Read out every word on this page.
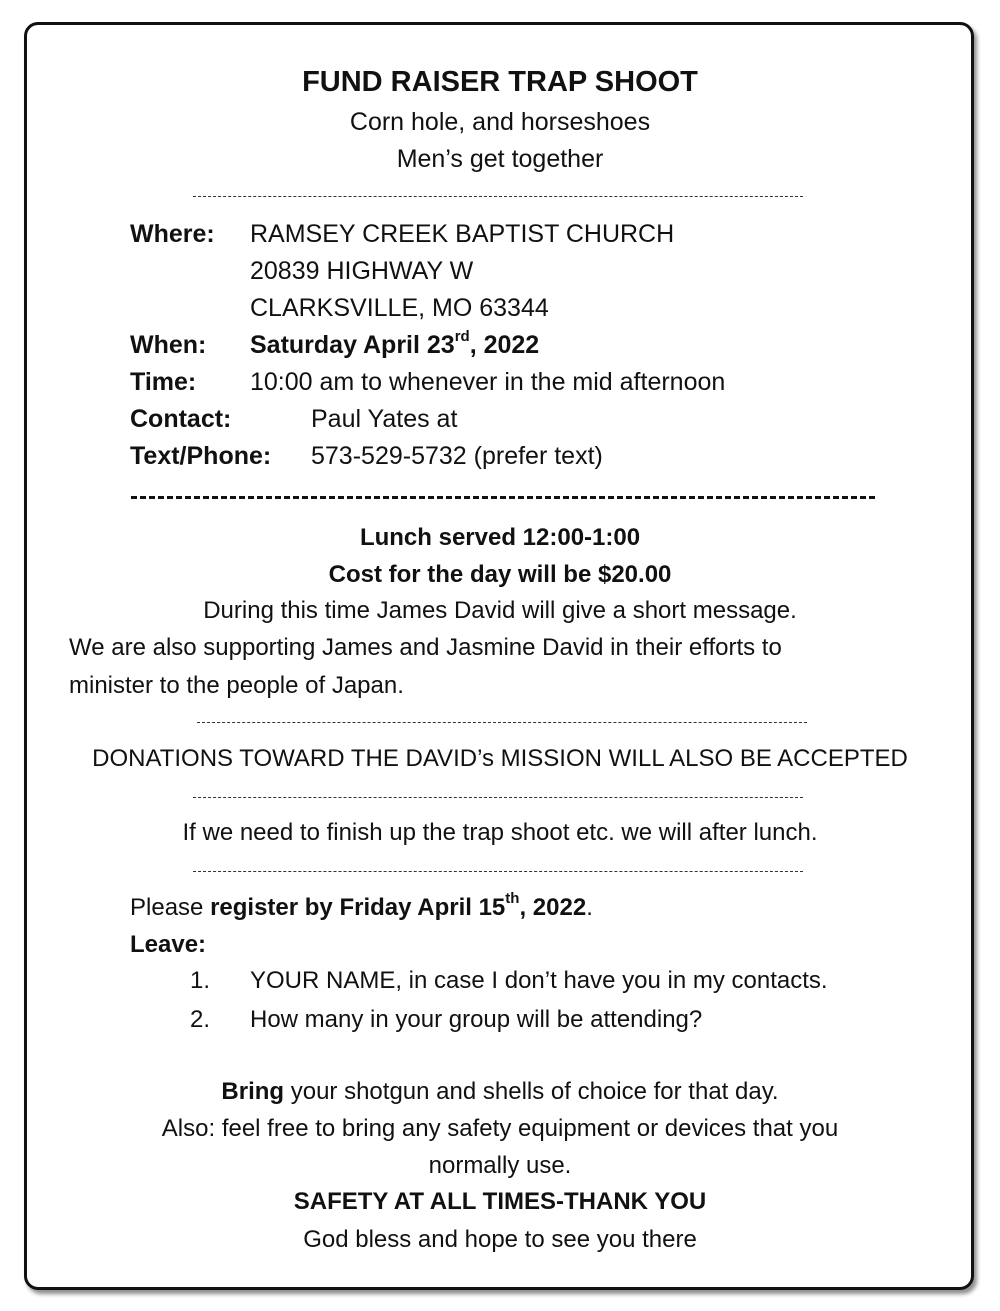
FUND RAISER TRAP SHOOT
Corn hole, and horseshoes
Men’s get together
Where: RAMSEY CREEK BAPTIST CHURCH
20839 HIGHWAY W
CLARKSVILLE, MO 63344
When: Saturday April 23rd, 2022
Time: 10:00 am to whenever in the mid afternoon
Contact:	Paul Yates at
Text/Phone: 573-529-5732 (prefer text)
Lunch served 12:00-1:00
Cost for the day will be $20.00
During this time James David will give a short message.
We are also supporting James and Jasmine David in their efforts to
minister to the people of Japan.
DONATIONS TOWARD THE DAVID’s MISSION WILL ALSO BE ACCEPTED
If we need to finish up the trap shoot etc. we will after lunch.
Please register by Friday April 15th, 2022.
Leave:
1. YOUR NAME, in case I don’t have you in my contacts.
2. How many in your group will be attending?
Bring your shotgun and shells of choice for that day.
Also: feel free to bring any safety equipment or devices that you
normally use.
SAFETY AT ALL TIMES-THANK YOU
God bless and hope to see you there
